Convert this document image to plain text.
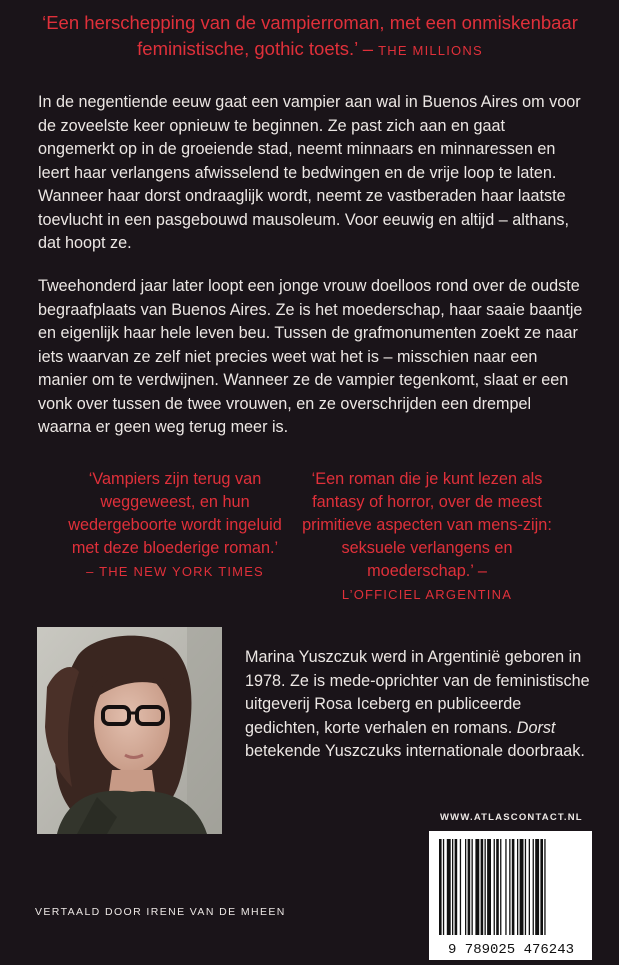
‘Een herschepping van de vampierroman, met een onmiskenbaar feministische, gothic toets.’ – THE MILLIONS
In de negentiende eeuw gaat een vampier aan wal in Buenos Aires om voor de zoveelste keer opnieuw te beginnen. Ze past zich aan en gaat ongemerkt op in de groeiende stad, neemt minnaars en minnaressen en leert haar verlangens afwisselend te bedwingen en de vrije loop te laten. Wanneer haar dorst ondraaglijk wordt, neemt ze vastberaden haar laatste toevlucht in een pasgebouwd mausoleum. Voor eeuwig en altijd – althans, dat hoopt ze.
Tweehonderd jaar later loopt een jonge vrouw doelloos rond over de oudste begraafplaats van Buenos Aires. Ze is het moederschap, haar saaie baantje en eigenlijk haar hele leven beu. Tussen de grafmonumenten zoekt ze naar iets waarvan ze zelf niet precies weet wat het is – misschien naar een manier om te verdwijnen. Wanneer ze de vampier tegenkomt, slaat er een vonk over tussen de twee vrouwen, en ze overschrijden een drempel waarna er geen weg terug meer is.
‘Vampiers zijn terug van weggeweest, en hun wedergeboorte wordt ingeluid met deze bloederige roman.’
– THE NEW YORK TIMES
‘Een roman die je kunt lezen als fantasy of horror, over de meest primitieve aspecten van mens-zijn: seksuele verlangens en moederschap.’ –
L’OFFICIEL ARGENTINA
Marina Yuszczuk werd in Argentinië geboren in 1978. Ze is mede-oprichter van de feministische uitgeverij Rosa Iceberg en publiceerde gedichten, korte verhalen en romans. Dorst betekende Yuszczuks internationale doorbraak.
WWW.ATLASCONTACT.NL
9 789025 476243
VERTAALD DOOR IRENE VAN DE MHEEN
